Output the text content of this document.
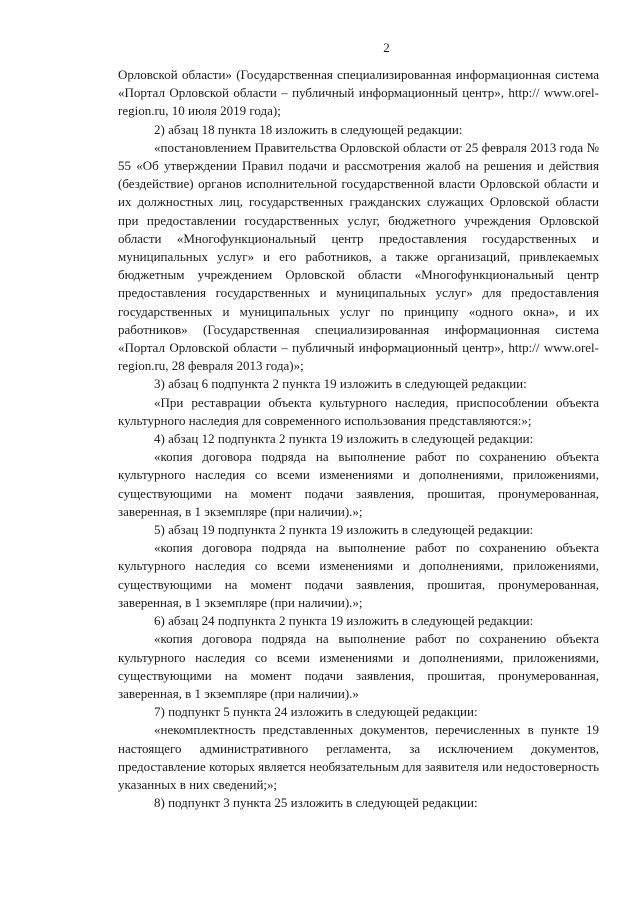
2

Орловской области» (Государственная специализированная информационная система «Портал Орловской области – публичный информационный центр», http:// www.orel-region.ru, 10 июля 2019 года);

2) абзац 18 пункта 18 изложить в следующей редакции:

«постановлением Правительства Орловской области от 25 февраля 2013 года № 55 «Об утверждении Правил подачи и рассмотрения жалоб на решения и действия (бездействие) органов исполнительной государственной власти Орловской области и их должностных лиц, государственных гражданских служащих Орловской области при предоставлении государственных услуг, бюджетного учреждения Орловской области «Многофункциональный центр предоставления государственных и муниципальных услуг» и его работников, а также организаций, привлекаемых бюджетным учреждением Орловской области «Многофункциональный центр предоставления государственных и муниципальных услуг» для предоставления государственных и муниципальных услуг по принципу «одного окна», и их работников» (Государственная специализированная информационная система «Портал Орловской области – публичный информационный центр», http:// www.orel-region.ru, 28 февраля 2013 года)»;

3) абзац 6 подпункта 2 пункта 19 изложить в следующей редакции:

«При реставрации объекта культурного наследия, приспособлении объекта культурного наследия для современного использования представляются:»;

4) абзац 12 подпункта 2 пункта 19 изложить в следующей редакции:

«копия договора подряда на выполнение работ по сохранению объекта культурного наследия со всеми изменениями и дополнениями, приложениями, существующими на момент подачи заявления, прошитая, пронумерованная, заверенная, в 1 экземпляре (при наличии).»;

5) абзац 19 подпункта 2 пункта 19 изложить в следующей редакции:

«копия договора подряда на выполнение работ по сохранению объекта культурного наследия со всеми изменениями и дополнениями, приложениями, существующими на момент подачи заявления, прошитая, пронумерованная, заверенная, в 1 экземпляре (при наличии).»;

6) абзац 24 подпункта 2 пункта 19 изложить в следующей редакции:

«копия договора подряда на выполнение работ по сохранению объекта культурного наследия со всеми изменениями и дополнениями, приложениями, существующими на момент подачи заявления, прошитая, пронумерованная, заверенная, в 1 экземпляре (при наличии).»

7) подпункт 5 пункта 24 изложить в следующей редакции:

«некомплектность представленных документов, перечисленных в пункте 19 настоящего административного регламента, за исключением документов, предоставление которых является необязательным для заявителя или недостоверность указанных в них сведений;»;

8) подпункт 3 пункта 25 изложить в следующей редакции:
